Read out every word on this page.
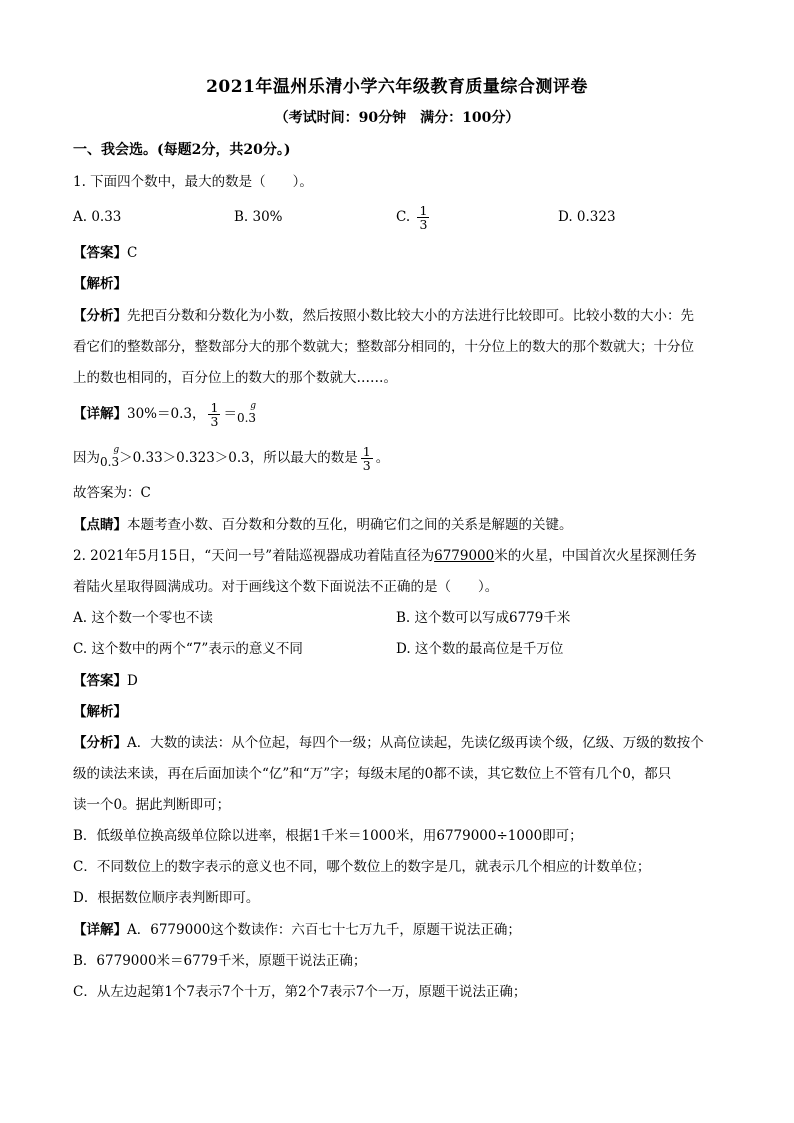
2021年温州乐清小学六年级教育质量综合测评卷
（考试时间：90分钟　满分：100分）
一、我会选。(每题2分，共20分。)
1. 下面四个数中，最大的数是（　　）。
A. 0.33	B. 30%	C. $\frac{1}{3}$	D. 0.323
【答案】C
【解析】
【分析】先把百分数和分数化为小数，然后按照小数比较大小的方法进行比较即可。比较小数的大小：先
看它们的整数部分，整数部分大的那个数就大；整数部分相同的，十分位上的数大的那个数就大；十分位
上的数也相同的，百分位上的数大的那个数就大……。
【详解】30%＝0.3， $\frac{1}{3} =0.3$
g
因为0.3
g ＞0.33＞0.323＞0.3，所以最大的数是 $\frac{1}{3}$ 。
故答案为：C
【点睛】本题考查小数、百分数和分数的互化，明确它们之间的关系是解题的关键。
2. 2021年5月15日，“天问一号”着陆巡视器成功着陆直径为6779000米的火星，中国首次火星探测任务
着陆火星取得圆满成功。对于画线这个数下面说法不正确的是（　　）。
A. 这个数一个零也不读	B. 这个数可以写成6779千米
C. 这个数中的两个“7”表示的意义不同	D. 这个数的最高位是千万位
【答案】D
【解析】
【分析】A．大数的读法：从个位起，每四个一级；从高位读起，先读亿级再读个级，亿级、万级的数按个
级的读法来读，再在后面加读个“亿”和“万”字；每级末尾的0都不读，其它数位上不管有几个0，都只
读一个0。据此判断即可；
B．低级单位换高级单位除以进率，根据1千米＝1000米，用6779000÷1000即可；
C．不同数位上的数字表示的意义也不同，哪个数位上的数字是几，就表示几个相应的计数单位；
D．根据数位顺序表判断即可。
【详解】A．6779000这个数读作：六百七十七万九千，原题干说法正确；
B．6779000米＝6779千米，原题干说法正确；
C．从左边起第1个7表示7个十万，第2个7表示7个一万，原题干说法正确；
